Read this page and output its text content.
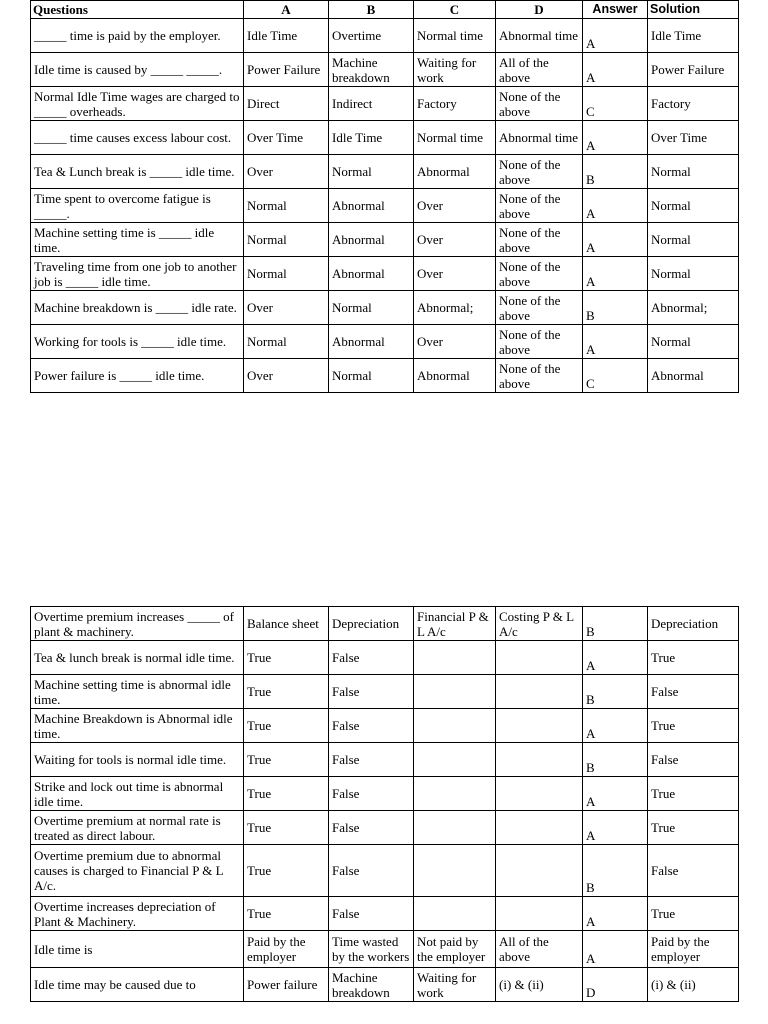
Questions	A	B	C	D	Answer	Solution
_____ time is paid by the employer.	Idle Time	Overtime	Normal time	Abnormal time	A	Idle Time
Idle time is caused by _____ _____.	Power Failure	Machine breakdown	Waiting for work	All of the above	A	Power Failure
Normal Idle Time wages are charged to _____ overheads.	Direct	Indirect	Factory	None of the above	C	Factory
_____ time causes excess labour cost.	Over Time	Idle Time	Normal time	Abnormal time	A	Over Time
Tea & Lunch break is _____ idle time.	Over	Normal	Abnormal	None of the above	B	Normal
Time spent to overcome fatigue is _____.	Normal	Abnormal	Over	None of the above	A	Normal
Machine setting time is _____ idle time.	Normal	Abnormal	Over	None of the above	A	Normal
Traveling time from one job to another job is _____ idle time.	Normal	Abnormal	Over	None of the above	A	Normal
Machine breakdown is _____ idle rate.	Over	Normal	Abnormal;	None of the above	B	Abnormal;
Working for tools is _____ idle time.	Normal	Abnormal	Over	None of the above	A	Normal
Power failure is _____ idle time.	Over	Normal	Abnormal	None of the above	C	Abnormal
Overtime premium increases _____ of plant & machinery.	Balance sheet	Depreciation	Financial P & L A/c	Costing P & L A/c	B	Depreciation
Tea & lunch break is normal idle time.	True	False			A	True
Machine setting time is abnormal idle time.	True	False			B	False
Machine Breakdown is Abnormal idle time.	True	False			A	True
Waiting for tools is normal idle time.	True	False			B	False
Strike and lock out time is abnormal idle time.	True	False			A	True
Overtime premium at normal rate is treated as direct labour.	True	False			A	True
Overtime premium due to abnormal causes is charged to Financial P & L A/c.	True	False			B	False
Overtime increases depreciation of Plant & Machinery.	True	False			A	True
Idle time is	Paid by the employer	Time wasted by the workers	Not paid by the employer	All of the above	A	Paid by the employer
Idle time may be caused due to	Power failure	Machine breakdown	Waiting for work	(i) & (ii)	D	(i) & (ii)
